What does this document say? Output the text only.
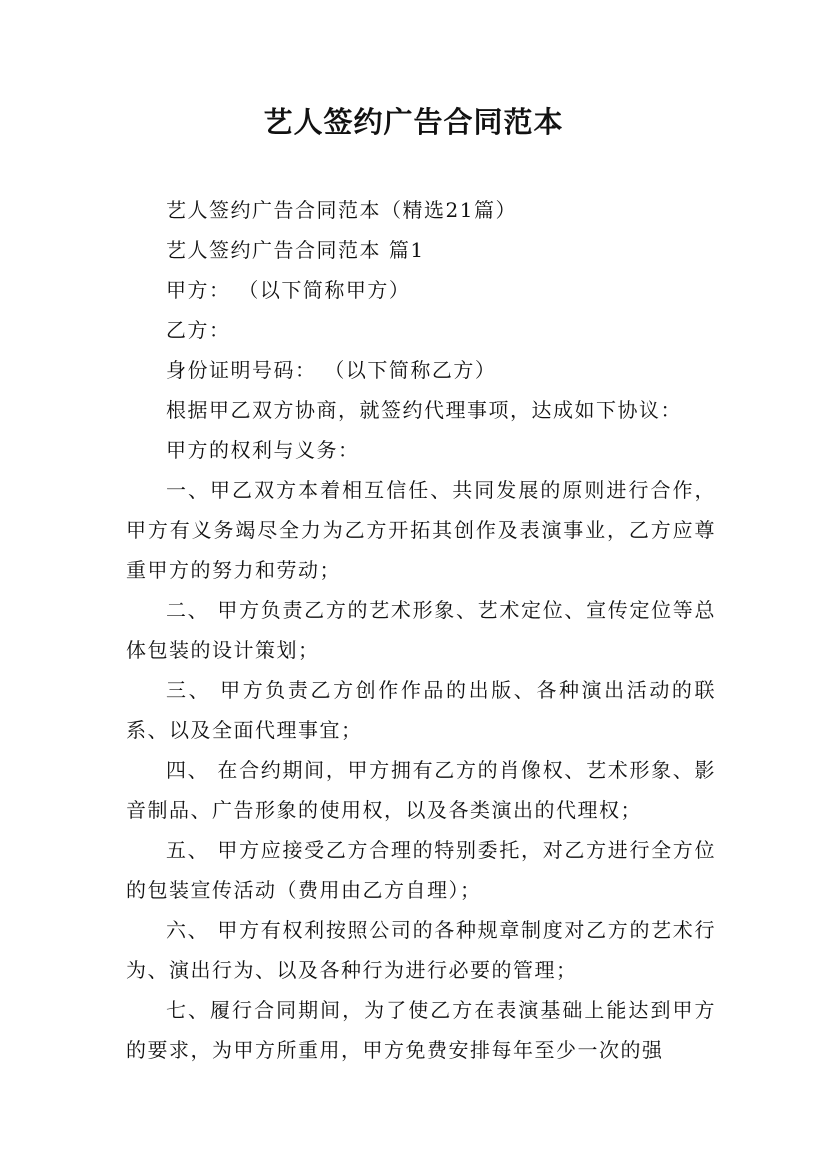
艺人签约广告合同范本

艺人签约广告合同范本（精选21篇）

艺人签约广告合同范本 篇1

甲方： （以下简称甲方）

乙方：

身份证明号码： （以下简称乙方）

根据甲乙双方协商，就签约代理事项，达成如下协议：

甲方的权利与义务：

一、甲乙双方本着相互信任、共同发展的原则进行合作，甲方有义务竭尽全力为乙方开拓其创作及表演事业，乙方应尊重甲方的努力和劳动；

二、 甲方负责乙方的艺术形象、艺术定位、宣传定位等总体包装的设计策划；

三、 甲方负责乙方创作作品的出版、各种演出活动的联系、以及全面代理事宜；

四、 在合约期间，甲方拥有乙方的肖像权、艺术形象、影音制品、广告形象的使用权，以及各类演出的代理权；

五、 甲方应接受乙方合理的特别委托，对乙方进行全方位的包装宣传活动（费用由乙方自理）；

六、 甲方有权利按照公司的各种规章制度对乙方的艺术行为、演出行为、以及各种行为进行必要的管理；

七、履行合同期间，为了使乙方在表演基础上能达到甲方的要求，为甲方所重用，甲方免费安排每年至少一次的强
